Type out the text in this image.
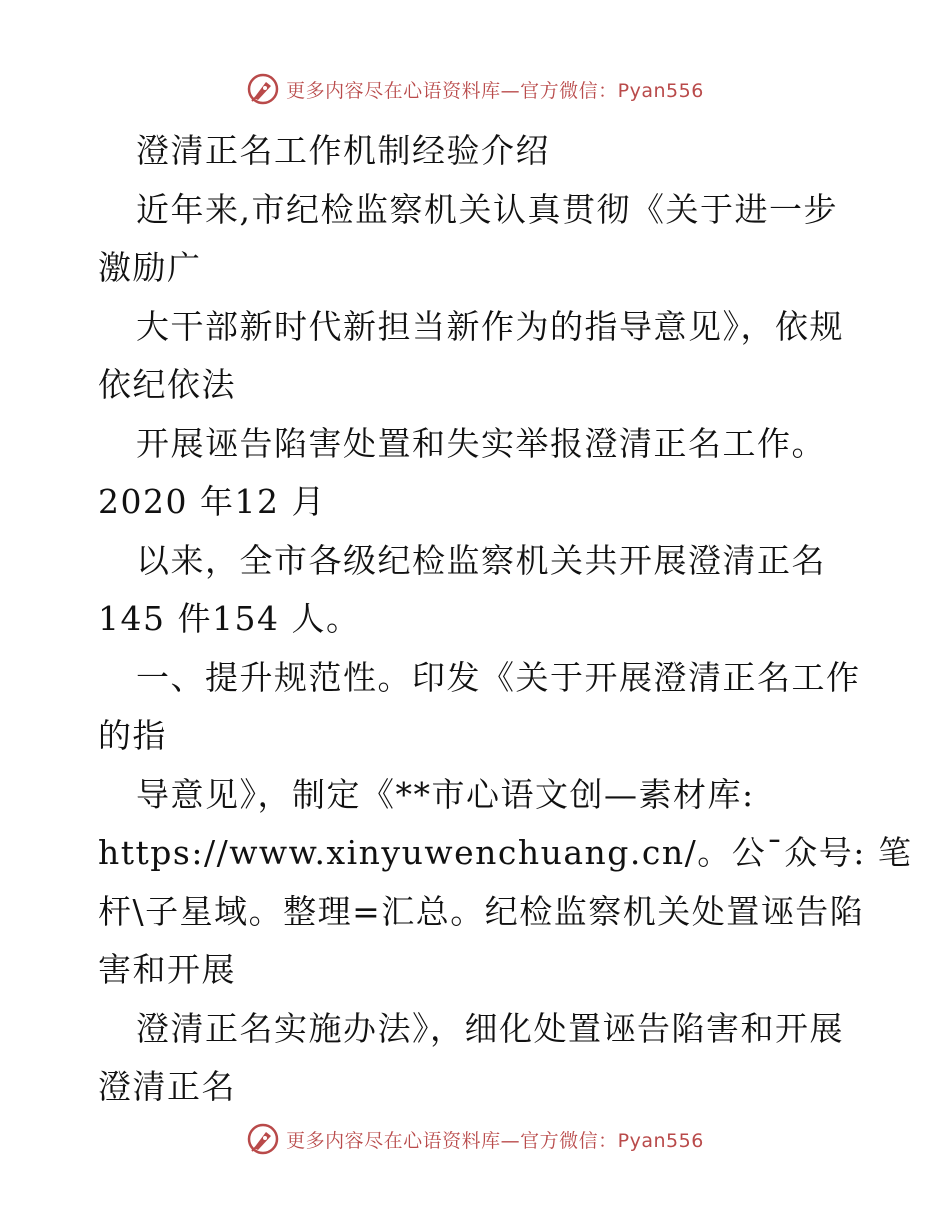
更多内容尽在心语资料库—官方微信：Pyan556
澄清正名工作机制经验介绍
近年来,市纪检监察机关认真贯彻《关于进一步
激励广
大干部新时代新担当新作为的指导意见》，依规
依纪依法
开展诬告陷害处置和失实举报澄清正名工作。
2020 年12 月
以来，全市各级纪检监察机关共开展澄清正名
145 件154 人。
一、提升规范性。印发《关于开展澄清正名工作
的指
导意见》，制定《**市心语文创—素材库:
https://www.xinyuwenchuang.cn/。公¯众号: 笔
杆\子星域。整理=汇总。纪检监察机关处置诬告陷
害和开展
澄清正名实施办法》，细化处置诬告陷害和开展
澄清正名
更多内容尽在心语资料库—官方微信：Pyan556
